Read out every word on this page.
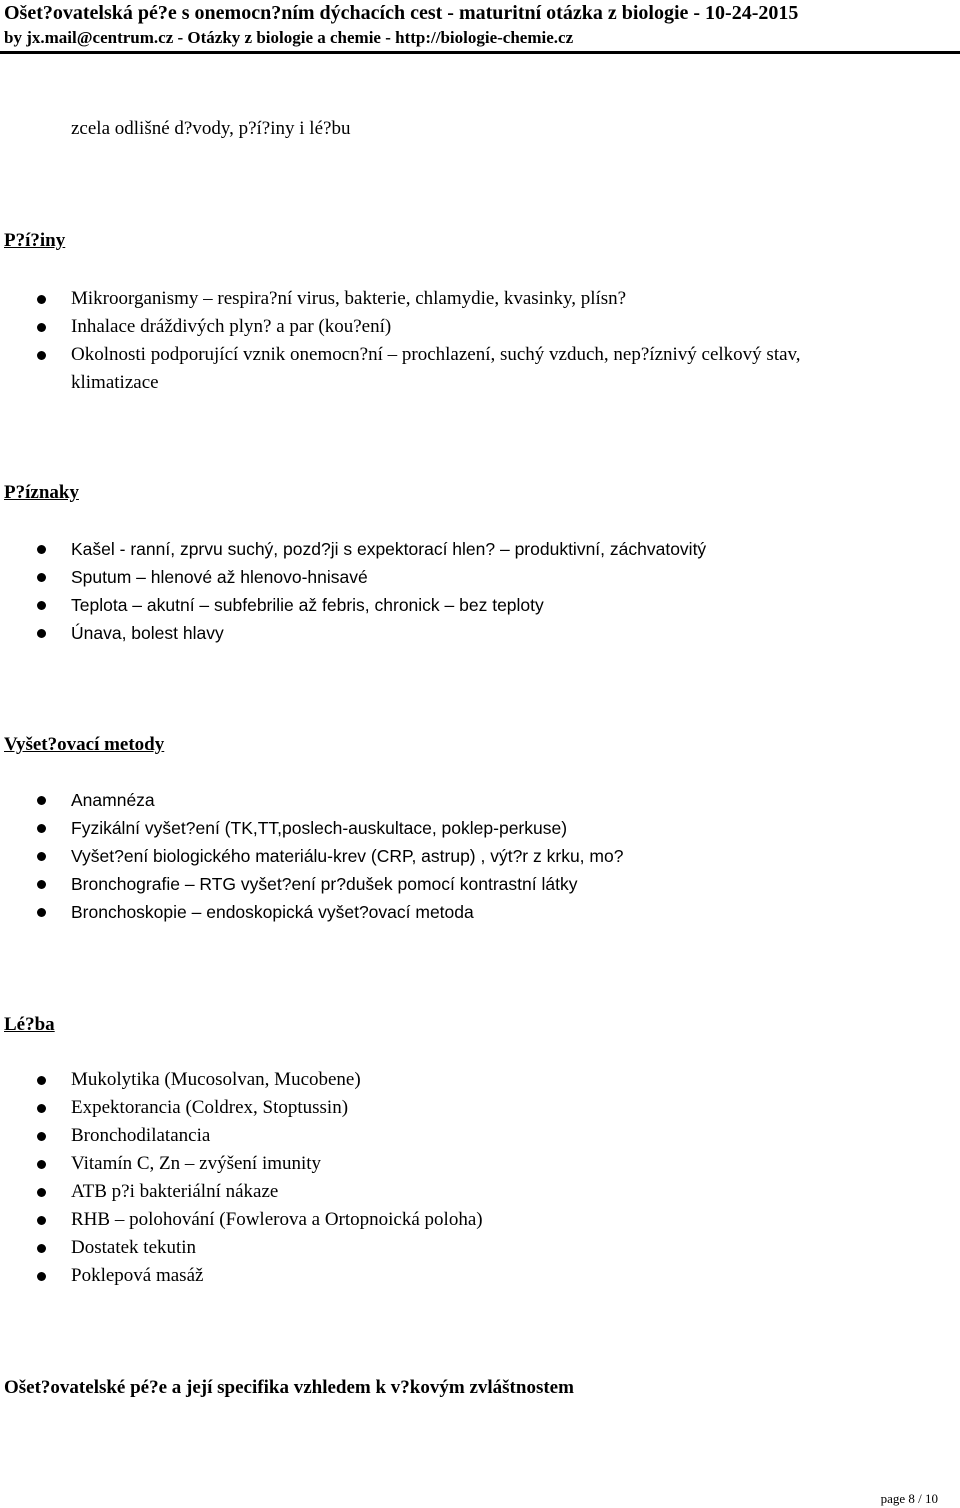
Ošet?ovatelská pé?e s onemocn?ním dýchacích cest - maturitní otázka z biologie - 10-24-2015
by jx.mail@centrum.cz - Otázky z biologie a chemie - http://biologie-chemie.cz
zcela odlišné d?vody, p?í?iny i lé?bu
P?í?iny
Mikroorganismy – respira?ní virus, bakterie, chlamydie, kvasinky, plísn?
Inhalace dráždivých plyn? a par (kou?ení)
Okolnosti podporující vznik onemocn?ní – prochlazení, suchý vzduch, nep?íznivý celkový stav,
klimatizace
P?íznaky
Kašel - ranní, zprvu suchý, pozd?ji s expektorací hlen? – produktivní, záchvatovitý
Sputum – hlenové až hlenovo-hnisavé
Teplota – akutní – subfebrilie až febris, chronick – bez teploty
Únava, bolest hlavy
Vyšet?ovací metody
Anamnéza
Fyzikální vyšet?ení (TK,TT,poslech-auskultace, poklep-perkuse)
Vyšet?ení biologického materiálu-krev (CRP, astrup) , výt?r z krku, mo?
Bronchografie – RTG vyšet?ení pr?dušek pomocí kontrastní látky
Bronchoskopie – endoskopická vyšet?ovací metoda
Lé?ba
Mukolytika (Mucosolvan, Mucobene)
Expektorancia (Coldrex, Stoptussin)
Bronchodilatancia
Vitamín C, Zn – zvýšení imunity
ATB p?i bakteriální nákaze
RHB – polohování (Fowlerova a Ortopnoická poloha)
Dostatek tekutin
Poklepová masáž
Ošet?ovatelské pé?e a její specifika vzhledem k v?kovým zvláštnostem
page 8 / 10
